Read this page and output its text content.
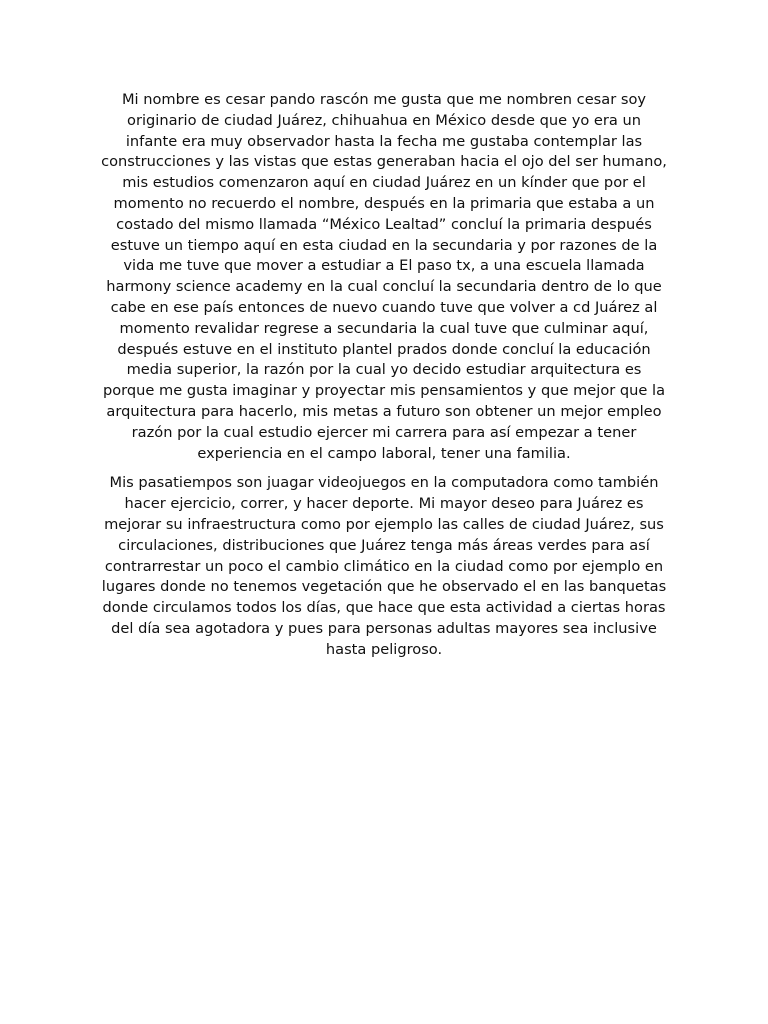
Mi nombre es cesar pando rascón me gusta que me nombren cesar soy
originario de ciudad Juárez, chihuahua en México desde que yo era un
infante era muy observador hasta la fecha me gustaba contemplar las
construcciones y las vistas que estas generaban hacia el ojo del ser humano,
mis estudios comenzaron aquí en ciudad Juárez en un kínder que por el
momento no recuerdo el nombre, después en la primaria que estaba a un
costado del mismo llamada “México Lealtad” concluí la primaria después
estuve un tiempo aquí en esta ciudad en la secundaria y por razones de la
vida me tuve que mover a estudiar a El paso tx, a una escuela llamada
harmony science academy en la cual concluí la secundaria dentro de lo que
cabe en ese país entonces de nuevo cuando tuve que volver a cd Juárez al
momento revalidar regrese a secundaria la cual tuve que culminar aquí,
después estuve en el instituto plantel prados donde concluí la educación
media superior, la razón por la cual yo decido estudiar arquitectura es
porque me gusta imaginar y proyectar mis pensamientos y que mejor que la
arquitectura para hacerlo, mis metas a futuro son obtener un mejor empleo
razón por la cual estudio ejercer mi carrera para así empezar a tener
experiencia en el campo laboral, tener una familia.

Mis pasatiempos son juagar videojuegos en la computadora como también
hacer ejercicio, correr, y hacer deporte. Mi mayor deseo para Juárez es
mejorar su infraestructura como por ejemplo las calles de ciudad Juárez, sus
circulaciones, distribuciones que Juárez tenga más áreas verdes para así
contrarrestar un poco el cambio climático en la ciudad como por ejemplo en
lugares donde no tenemos vegetación que he observado el en las banquetas
donde circulamos todos los días, que hace que esta actividad a ciertas horas
del día sea agotadora y pues para personas adultas mayores sea inclusive
hasta peligroso.
